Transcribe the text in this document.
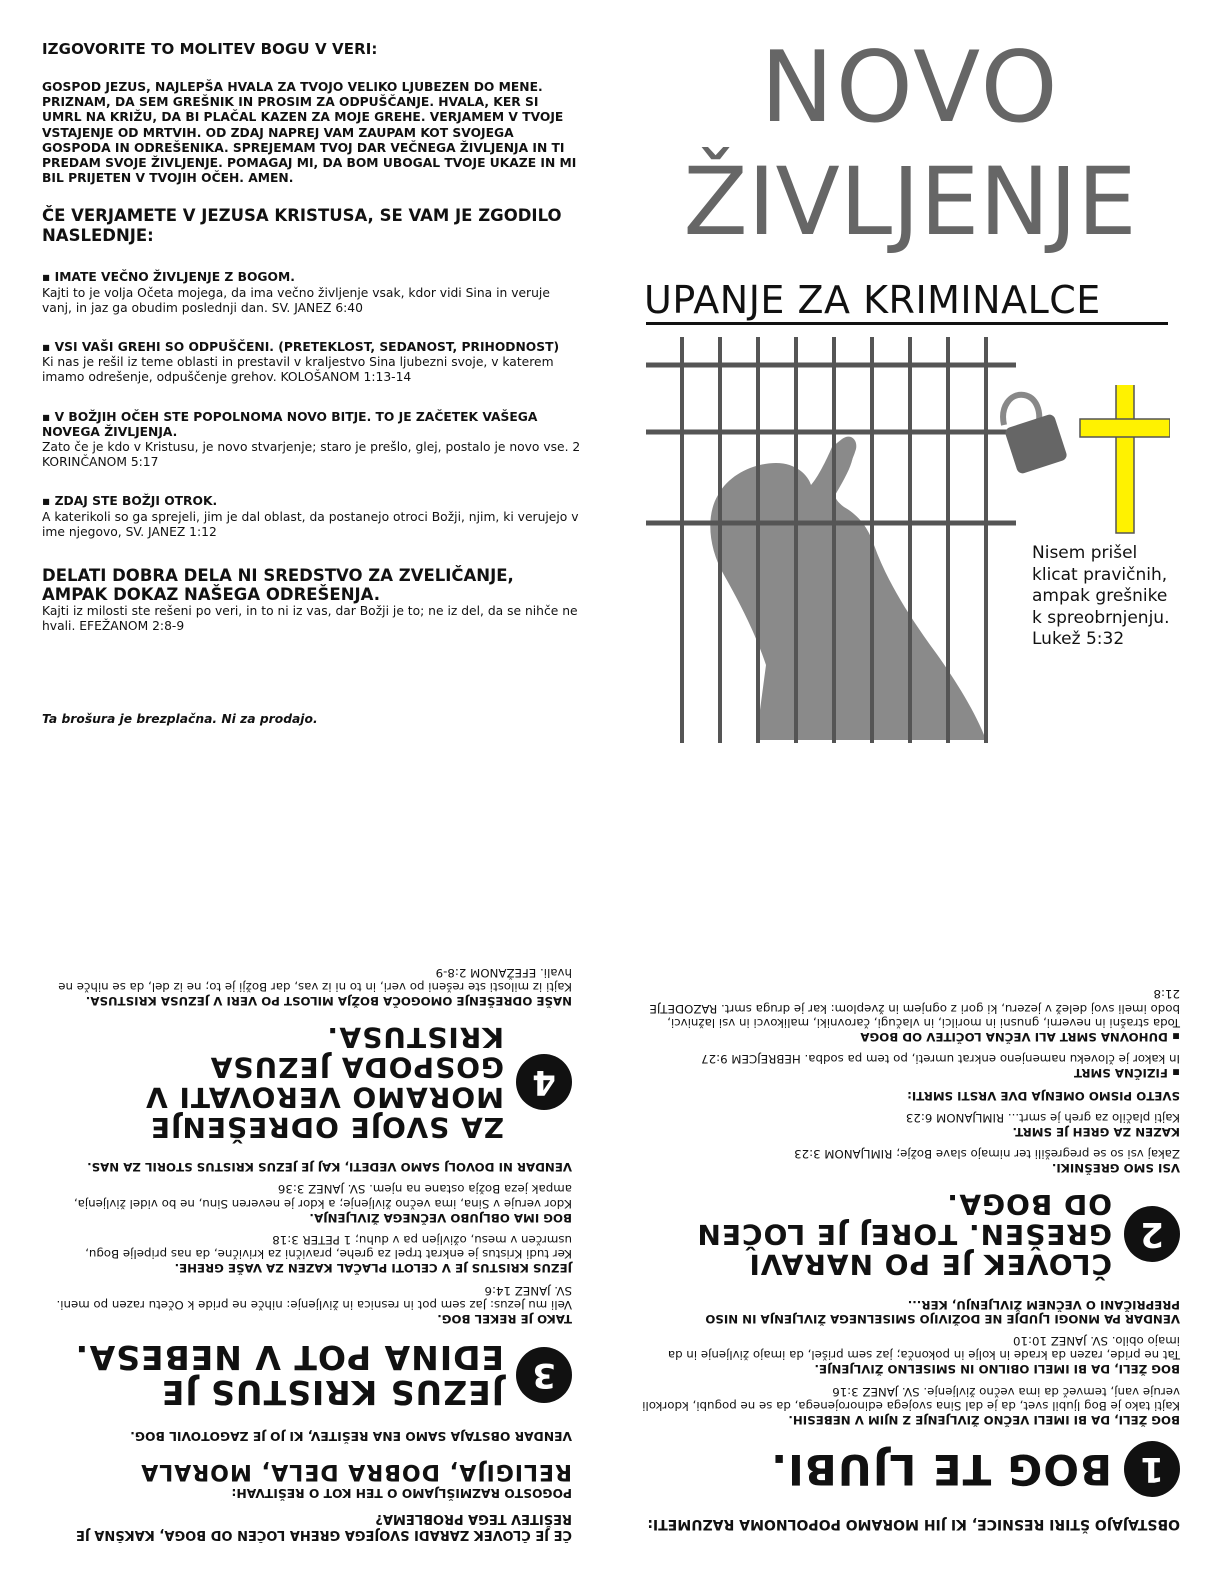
IZGOVORITE TO MOLITEV BOGU V VERI:
GOSPOD JEZUS, NAJLEPŠA HVALA ZA TVOJO VELIKO LJUBEZEN DO MENE. PRIZNAM, DA SEM GREŠNIK IN PROSIM ZA ODPUŠČANJE. HVALA, KER SI UMRL NA KRIŽU, DA BI PLAČAL KAZEN ZA MOJE GREHE. VERJAMEM V TVOJE VSTAJENJE OD MRTVIH. OD ZDAJ NAPREJ VAM ZAUPAM KOT SVOJEGA GOSPODA IN ODREŠENIKA. SPREJEMAM TVOJ DAR VEČNEGA ŽIVLJENJA IN TI PREDAM SVOJE ŽIVLJENJE. POMAGAJ MI, DA BOM UBOGAL TVOJE UKAZE IN MI BIL PRIJETEN V TVOJIH OČEH. AMEN.
ČE VERJAMETE V JEZUSA KRISTUSA, SE VAM JE ZGODILO NASLEDNJE:
▪ IMATE VEČNO ŽIVLJENJE Z BOGOM.
Kajti to je volja Očeta mojega, da ima večno življenje vsak, kdor vidi Sina in veruje vanj, in jaz ga obudim poslednji dan. SV. JANEZ 6:40
▪ VSI VAŠI GREHI SO ODPUŠČENI. (PRETEKLOST, SEDANOST, PRIHODNOST)
Ki nas je rešil iz teme oblasti in prestavil v kraljestvo Sina ljubezni svoje, v katerem imamo odrešenje, odpuščenje grehov. KOLOŠANOM 1:13-14
▪ V BOŽJIH OČEH STE POPOLNOMA NOVO BITJE. TO JE ZAČETEK VAŠEGA NOVEGA ŽIVLJENJA.
Zato če je kdo v Kristusu, je novo stvarjenje; staro je prešlo, glej, postalo je novo vse. 2 KORINČANOM 5:17
▪ ZDAJ STE BOŽJI OTROK.
A katerikoli so ga sprejeli, jim je dal oblast, da postanejo otroci Božji, njim, ki verujejo v ime njegovo, SV. JANEZ 1:12
DELATI DOBRA DELA NI SREDSTVO ZA ZVELIČANJE, AMPAK DOKAZ NAŠEGA ODREŠENJA.
Kajti iz milosti ste rešeni po veri, in to ni iz vas, dar Božji je to; ne iz del, da se nihče ne hvali. EFEŽANOM 2:8-9
Ta brošura je brezplačna. Ni za prodajo.
NOVO
ŽIVLJENJE
UPANJE ZA KRIMINALCE
Nisem prišel klicat pravičnih, ampak grešnike k spreobrnjenju. Lukež 5:32
OBSTAJAJO ŠTIRI RESNICE, KI JIH MORAMO POPOLNOMA RAZUMETI:
1
BOG TE LJUBI.
BOG ŽELI, DA BI IMELI VEČNO ŽIVLJENJE Z NJIM V NEBESIH.
Kajti tako je Bog ljubil svet, da je dal Sina svojega edinorojenega, da se ne pogubi, kdorkoli veruje vanj, temveč da ima večno življenje. SV. JANEZ 3:16

BOG ŽELI, DA BI IMELI OBILNO IN SMISELNO ŽIVLJENJE.

Tat ne pride, razen da krade in kolje in pokonča; jaz sem prišel, da imajo življenje in da imajo obilo. SV. JANEZ 10:10

VENDAR PA MNOGI LJUDJE NE DOŽIVIJO SMISELNEGA ŽIVLJENJA IN NISO PREPRIČANI O VEČNEM ŽIVLJENJU, KER...

2
ČLOVEK JE PO NARAVI GREŠEN. TOREJ JE LOČEN OD BOGA.
VSI SMO GREŠNIKI.
Zakaj vsi so se pregrešili ter nimajo slave Božje; RIMLJANOM 3:23

KAZEN ZA GREH JE SMRT.

Kajti plačilo za greh je smrt... RIMLJANOM 6:23

SVETO PISMO OMENJA DVE VRSTI SMRTI:

▪ FIZIČNA SMRT

In kakor je človeku namenjeno enkrat umreti, po tem pa sodba. HEBREJCEM 9:27

▪ DUHOVNA SMRT ALI VEČNA LOČITEV OD BOGA

Toda strašni in neverni, gnusni in morilci, in vlačugi, čarovniki, malikovci in vsi lažnivci, bodo imeli svoj delež v jezeru, ki gori z ognjem in žveplom: kar je druga smrt. RAZODETJE 21:8
ČE JE ČLOVEK ZARADI SVOJEGA GREHA LOČEN OD BOGA, KAKŠNA JE REŠITEV TEGA PROBLEMA?
POGOSTO RAZMIŠLJAMO O TEH KOT O REŠITVAH:
RELIGIJA, DOBRA DELA, MORALA
VENDAR OBSTAJA SAMO ENA REŠITEV, KI JO JE ZAGOTOVIL BOG.
3
JEZUS KRISTUS JE EDINA POT V NEBESA.
TAKO JE REKEL BOG.
Veli mu Jezus: Jaz sem pot in resnica in življenje: nihče ne pride k Očetu razen po meni. SV. JANEZ 14:6

JEZUS KRISTUS JE V CELOTI PLAČAL KAZEN ZA VAŠE GREHE.

Ker tudi Kristus je enkrat trpel za grehe, pravični za krivične, da nas pripelje Bogu, usmrčen v mesu, oživljen pa v duhu; 1 PETER 3:18

BOG IMA OBLJUBO VEČNEGA ŽIVLJENJA.

Kdor veruje v Sina, ima večno življenje; a kdor je neveren Sinu, ne bo videl življenja, ampak jeza Božja ostane na njem. SV. JANEZ 3:36

VENDAR NI DOVOLJ SAMO VEDETI, KAJ JE JEZUS KRISTUS STORIL ZA NAS.

4
ZA SVOJE ODREŠENJE MORAMO VEROVATI V GOSPODA JEZUSA KRISTUSA.
NAŠE ODREŠENJE OMOGOČA BOŽJA MILOST PO VERI V JEZUSA KRISTUSA.
Kajti iz milosti ste rešeni po veri, in to ni iz vas, dar Božji je to; ne iz del, da se nihče ne hvali. EFEŽANOM 2:8-9
